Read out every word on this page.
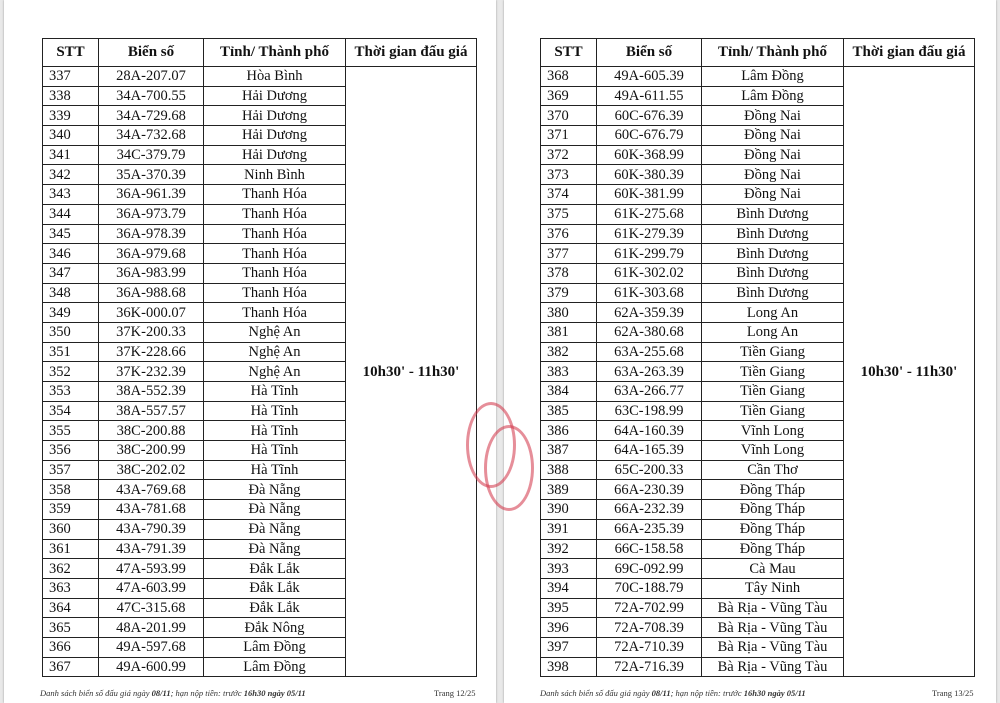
STT	Biển số	Tỉnh/ Thành phố	Thời gian đấu giá
337	28A-207.07	Hòa Bình	10h30' - 11h30'
338	34A-700.55	Hải Dương	
339	34A-729.68	Hải Dương	
340	34A-732.68	Hải Dương	
341	34C-379.79	Hải Dương	
342	35A-370.39	Ninh Bình	
343	36A-961.39	Thanh Hóa	
344	36A-973.79	Thanh Hóa	
345	36A-978.39	Thanh Hóa	
346	36A-979.68	Thanh Hóa	
347	36A-983.99	Thanh Hóa	
348	36A-988.68	Thanh Hóa	
349	36K-000.07	Thanh Hóa	
350	37K-200.33	Nghệ An	
351	37K-228.66	Nghệ An	
352	37K-232.39	Nghệ An	
353	38A-552.39	Hà Tĩnh	
354	38A-557.57	Hà Tĩnh	
355	38C-200.88	Hà Tĩnh	
356	38C-200.99	Hà Tĩnh	
357	38C-202.02	Hà Tĩnh	
358	43A-769.68	Đà Nẵng	
359	43A-781.68	Đà Nẵng	
360	43A-790.39	Đà Nẵng	
361	43A-791.39	Đà Nẵng	
362	47A-593.99	Đắk Lắk	
363	47A-603.99	Đắk Lắk	
364	47C-315.68	Đắk Lắk	
365	48A-201.99	Đắk Nông	
366	49A-597.68	Lâm Đồng	
367	49A-600.99	Lâm Đồng	
Danh sách biển số đấu giá ngày 08/11; hạn nộp tiền: trước 16h30 ngày 05/11	Trang 12/25
STT	Biển số	Tỉnh/ Thành phố	Thời gian đấu giá
368	49A-605.39	Lâm Đồng	10h30' - 11h30'
369	49A-611.55	Lâm Đồng	
370	60C-676.39	Đồng Nai	
371	60C-676.79	Đồng Nai	
372	60K-368.99	Đồng Nai	
373	60K-380.39	Đồng Nai	
374	60K-381.99	Đồng Nai	
375	61K-275.68	Bình Dương	
376	61K-279.39	Bình Dương	
377	61K-299.79	Bình Dương	
378	61K-302.02	Bình Dương	
379	61K-303.68	Bình Dương	
380	62A-359.39	Long An	
381	62A-380.68	Long An	
382	63A-255.68	Tiền Giang	
383	63A-263.39	Tiền Giang	
384	63A-266.77	Tiền Giang	
385	63C-198.99	Tiền Giang	
386	64A-160.39	Vĩnh Long	
387	64A-165.39	Vĩnh Long	
388	65C-200.33	Cần Thơ	
389	66A-230.39	Đồng Tháp	
390	66A-232.39	Đồng Tháp	
391	66A-235.39	Đồng Tháp	
392	66C-158.58	Đồng Tháp	
393	69C-092.99	Cà Mau	
394	70C-188.79	Tây Ninh	
395	72A-702.99	Bà Rịa - Vũng Tàu	
396	72A-708.39	Bà Rịa - Vũng Tàu	
397	72A-710.39	Bà Rịa - Vũng Tàu	
398	72A-716.39	Bà Rịa - Vũng Tàu	
Danh sách biển số đấu giá ngày 08/11; hạn nộp tiền: trước 16h30 ngày 05/11	Trang 13/25
